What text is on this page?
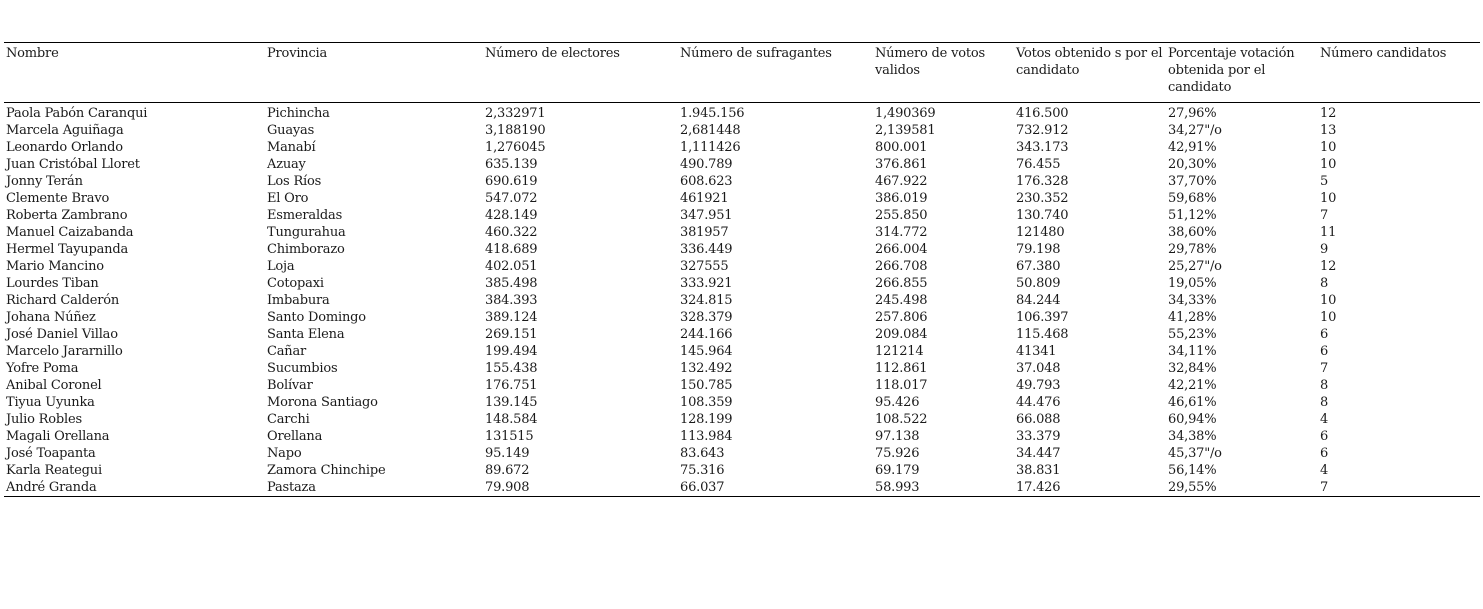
Nombre	Provincia	Número de electores	Número de sufragantes	Número de votos validos	Votos obtenido s por el candidato	Porcentaje votación obtenida por el candidato	Número candidatos
Paola Pabón Caranqui	Pichincha	2,332971	1.945.156	1,490369	416.500	27,96%	12
Marcela Aguiñaga	Guayas	3,188190	2,681448	2,139581	732.912	34,27"/o	13
Leonardo Orlando	Manabí	1,276045	1,111426	800.001	343.173	42,91%	10
Juan Cristóbal Lloret	Azuay	635.139	490.789	376.861	76.455	20,30%	10
Jonny Terán	Los Ríos	690.619	608.623	467.922	176.328	37,70%	5
Clemente Bravo	El Oro	547.072	461921	386.019	230.352	59,68%	10
Roberta Zambrano	Esmeraldas	428.149	347.951	255.850	130.740	51,12%	7
Manuel Caizabanda	Tungurahua	460.322	381957	314.772	121480	38,60%	11
Hermel Tayupanda	Chimborazo	418.689	336.449	266.004	79.198	29,78%	9
Mario Mancino	Loja	402.051	327555	266.708	67.380	25,27"/o	12
Lourdes Tiban	Cotopaxi	385.498	333.921	266.855	50.809	19,05%	8
Richard Calderón	Imbabura	384.393	324.815	245.498	84.244	34,33%	10
Johana Núñez	Santo Domingo	389.124	328.379	257.806	106.397	41,28%	10
José Daniel Villao	Santa Elena	269.151	244.166	209.084	115.468	55,23%	6
Marcelo Jararnillo	Cañar	199.494	145.964	121214	41341	34,11%	6
Yofre Poma	Sucumbios	155.438	132.492	112.861	37.048	32,84%	7
Anibal Coronel	Bolívar	176.751	150.785	118.017	49.793	42,21%	8
Tiyua Uyunka	Morona Santiago	139.145	108.359	95.426	44.476	46,61%	8
Julio Robles	Carchi	148.584	128.199	108.522	66.088	60,94%	4
Magali Orellana	Orellana	131515	113.984	97.138	33.379	34,38%	6
José Toapanta	Napo	95.149	83.643	75.926	34.447	45,37"/o	6
Karla Reategui	Zamora Chinchipe	89.672	75.316	69.179	38.831	56,14%	4
André Granda	Pastaza	79.908	66.037	58.993	17.426	29,55%	7
